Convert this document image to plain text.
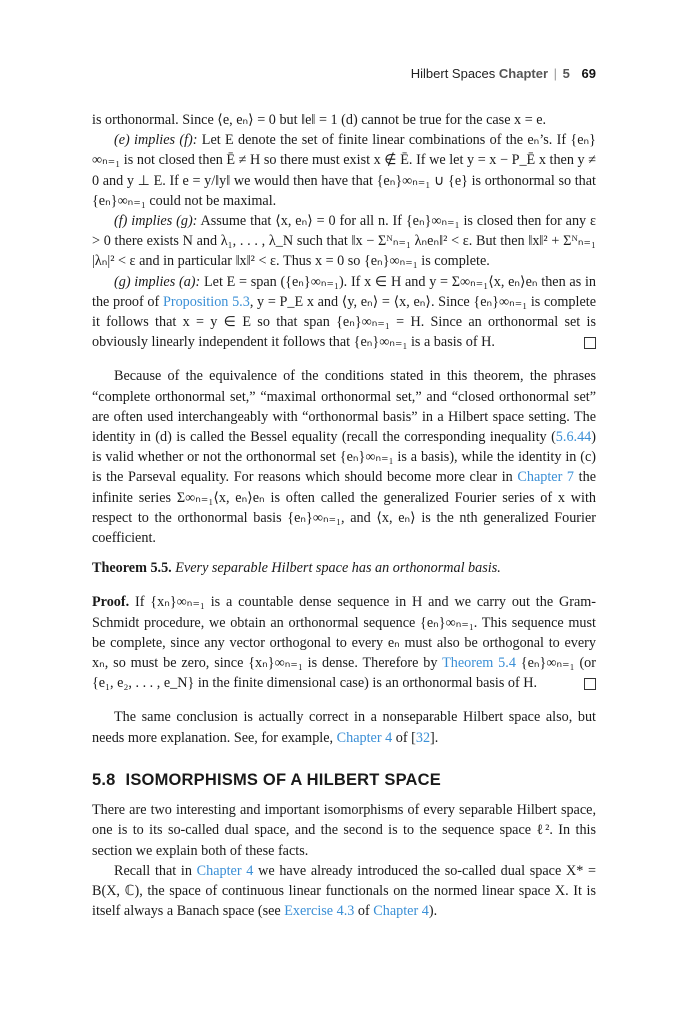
Hilbert Spaces Chapter | 5 69

is orthonormal. Since ⟨e, eₙ⟩ = 0 but ‖e‖ = 1 (d) cannot be true for the case x = e.

(e) implies (f): Let E denote the set of finite linear combinations of the eₙ’s. If {eₙ}∞ₙ₌₁ is not closed then Ē ≠ H so there must exist x ∉ Ē. If we let y = x − P_Ē x then y ≠ 0 and y ⊥ E. If e = y/‖y‖ we would then have that {eₙ}∞ₙ₌₁ ∪ {e} is orthonormal so that {eₙ}∞ₙ₌₁ could not be maximal.

(f) implies (g): Assume that ⟨x, eₙ⟩ = 0 for all n. If {eₙ}∞ₙ₌₁ is closed then for any ε > 0 there exists N and λ₁, . . . , λ_N such that ‖x − Σᴺₙ₌₁ λₙeₙ‖² < ε. But then ‖x‖² + Σᴺₙ₌₁ |λₙ|² < ε and in particular ‖x‖² < ε. Thus x = 0 so {eₙ}∞ₙ₌₁ is complete.

(g) implies (a): Let E = span ({eₙ}∞ₙ₌₁). If x ∈ H and y = Σ∞ₙ₌₁⟨x, eₙ⟩eₙ then as in the proof of Proposition 5.3, y = P_E x and ⟨y, eₙ⟩ = ⟨x, eₙ⟩. Since {eₙ}∞ₙ₌₁ is complete it follows that x = y ∈ E so that span {eₙ}∞ₙ₌₁ = H. Since an orthonormal set is obviously linearly independent it follows that {eₙ}∞ₙ₌₁ is a basis of H.

Because of the equivalence of the conditions stated in this theorem, the phrases “complete orthonormal set,” “maximal orthonormal set,” and “closed orthonormal set” are often used interchangeably with “orthonormal basis” in a Hilbert space setting. The identity in (d) is called the Bessel equality (recall the corresponding inequality (5.6.44) is valid whether or not the orthonormal set {eₙ}∞ₙ₌₁ is a basis), while the identity in (c) is the Parseval equality. For reasons which should become more clear in Chapter 7 the infinite series Σ∞ₙ₌₁⟨x, eₙ⟩eₙ is often called the generalized Fourier series of x with respect to the orthonormal basis {eₙ}∞ₙ₌₁, and ⟨x, eₙ⟩ is the nth generalized Fourier coefficient.

Theorem 5.5. Every separable Hilbert space has an orthonormal basis.

Proof. If {xₙ}∞ₙ₌₁ is a countable dense sequence in H and we carry out the Gram-Schmidt procedure, we obtain an orthonormal sequence {eₙ}∞ₙ₌₁. This sequence must be complete, since any vector orthogonal to every eₙ must also be orthogonal to every xₙ, so must be zero, since {xₙ}∞ₙ₌₁ is dense. Therefore by Theorem 5.4 {eₙ}∞ₙ₌₁ (or {e₁, e₂, . . . , e_N} in the finite dimensional case) is an orthonormal basis of H.

The same conclusion is actually correct in a nonseparable Hilbert space also, but needs more explanation. See, for example, Chapter 4 of [32].

5.8 ISOMORPHISMS OF A HILBERT SPACE

There are two interesting and important isomorphisms of every separable Hilbert space, one is to its so-called dual space, and the second is to the sequence space ℓ². In this section we explain both of these facts.

Recall that in Chapter 4 we have already introduced the so-called dual space X* = B(X, ℂ), the space of continuous linear functionals on the normed linear space X. It is itself always a Banach space (see Exercise 4.3 of Chapter 4).
